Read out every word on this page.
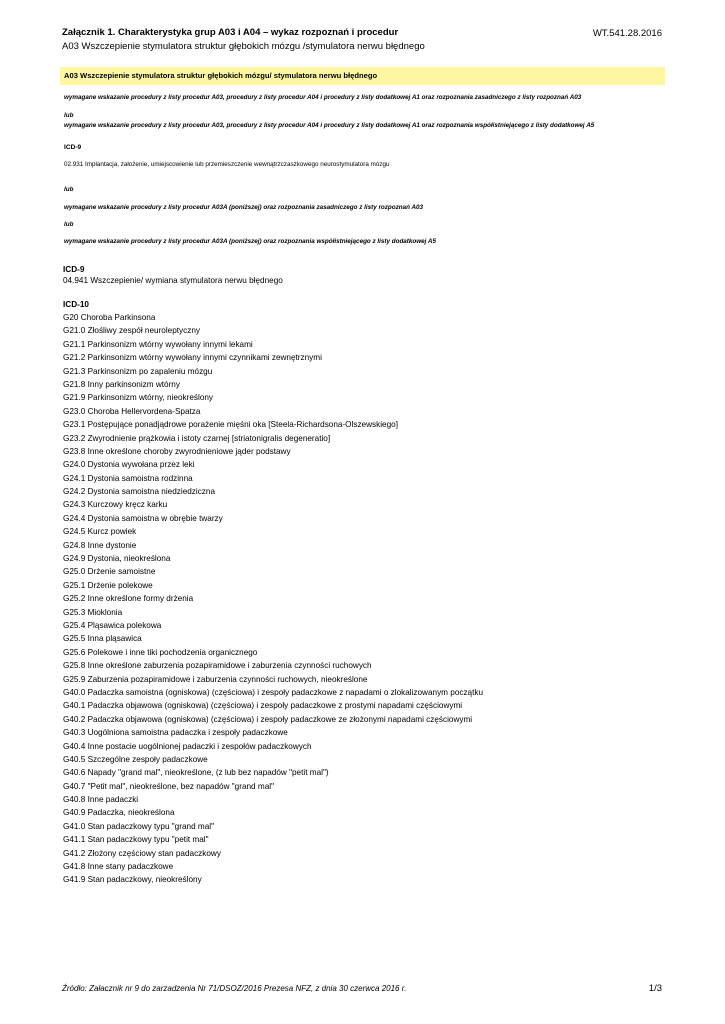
Załącznik 1. Charakterystyka grup A03 i A04 – wykaz rozpoznań i procedur	WT.541.28.2016
A03 Wszczepienie stymulatora struktur głębokich mózgu /stymulatora nerwu błędnego
A03 Wszczepienie stymulatora struktur głębokich mózgu/ stymulatora nerwu błędnego
wymagane wskazanie procedury z listy procedur A03, procedury z listy procedur A04 i procedury z listy dodatkowej A1 oraz rozpoznania zasadniczego z listy rozpoznań A03
lub
wymagane wskazanie procedury z listy procedur A03, procedury z listy procedur A04 i procedury z listy dodatkowej A1 oraz rozpoznania współistniejącego z listy dodatkowej A5
ICD-9
02.931 Implantacja, założenie, umiejscowienie lub przemieszczenie wewnątrzczaszkowego neurostymulatora mózgu
lub
wymagane wskazanie procedury z listy procedur A03A (poniższej) oraz rozpoznania zasadniczego z listy rozpoznań A03
lub
wymagane wskazanie procedury z listy procedur A03A (poniższej) oraz rozpoznania współistniejącego z listy dodatkowej A5
ICD-9
04.941 Wszczepienie/ wymiana stymulatora nerwu błędnego
ICD-10
G20 Choroba Parkinsona
G21.0 Złośliwy zespół neuroleptyczny
G21.1 Parkinsonizm wtórny wywołany innymi lekami
G21.2 Parkinsonizm wtórny wywołany innymi czynnikami zewnętrznymi
G21.3 Parkinsonizm po zapaleniu mózgu
G21.8 Inny parkinsonizm wtórny
G21.9 Parkinsonizm wtórny, nieokreślony
G23.0 Choroba Hellervordena-Spatza
G23.1 Postępujące ponadjądrowe porażenie mięśni oka [Steela-Richardsona-Olszewskiego]
G23.2 Zwyrodnienie prążkowia i istoty czarnej [striatonigralis degeneratio]
G23.8 Inne określone choroby zwyrodnieniowe jąder podstawy
G24.0 Dystonia wywołana przez leki
G24.1 Dystonia samoistna rodzinna
G24.2 Dystonia samoistna niedziedziczna
G24.3 Kurczowy kręcz karku
G24.4 Dystonia samoistna w obrębie twarzy
G24.5 Kurcz powiek
G24.8 Inne dystonie
G24.9 Dystonia, nieokreślona
G25.0 Drżenie samoistne
G25.1 Drżenie polekowe
G25.2 Inne określone formy drżenia
G25.3 Mioklonia
G25.4 Pląsawica polekowa
G25.5 Inna pląsawica
G25.6 Polekowe i inne tiki pochodzenia organicznego
G25.8 Inne określone zaburzenia pozapiramidowe i zaburzenia czynności ruchowych
G25.9 Zaburzenia pozapiramidowe i zaburzenia czynności ruchowych, nieokreślone
G40.0 Padaczka samoistna (ogniskowa) (częściowa) i zespoły padaczkowe z napadami o zlokalizowanym początku
G40.1 Padaczka objawowa (ogniskowa) (częściowa) i zespoły padaczkowe z prostymi napadami częściowymi
G40.2 Padaczka objawowa (ogniskowa) (częściowa) i zespoły padaczkowe ze złożonymi napadami częściowymi
G40.3 Uogólniona samoistna padaczka i zespoły padaczkowe
G40.4 Inne postacie uogólnionej padaczki i zespołów padaczkowych
G40.5 Szczególne zespoły padaczkowe
G40.6 Napady "grand mal", nieokreślone, (z lub bez napadów "petit mal")
G40.7 "Petit mal", nieokreślone, bez napadów "grand mal"
G40.8 Inne padaczki
G40.9 Padaczka, nieokreślona
G41.0 Stan padaczkowy typu "grand mal"
G41.1 Stan padaczkowy typu "petit mal"
G41.2 Złożony częściowy stan padaczkowy
G41.8 Inne stany padaczkowe
G41.9 Stan padaczkowy, nieokreślony
Źródło: Załacznik nr 9 do zarzadzenia Nr 71/DSOZ/2016 Prezesa NFZ, z dnia 30 czerwca 2016 r.	1/3
